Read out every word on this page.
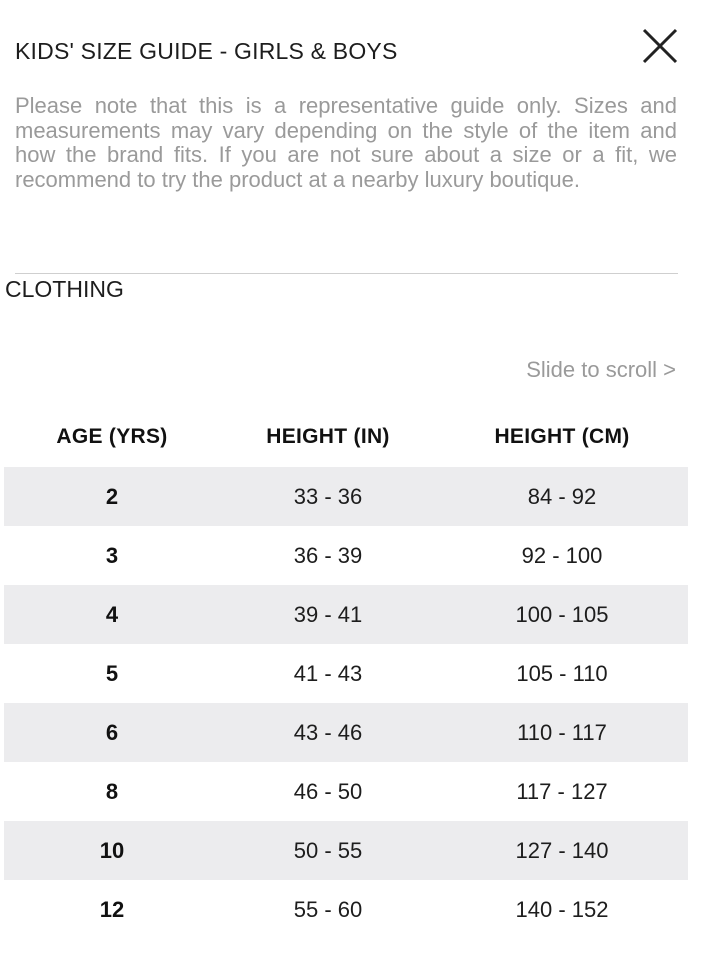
KIDS' SIZE GUIDE - GIRLS & BOYS
Please note that this is a representative guide only. Sizes and measurements may vary depending on the style of the item and how the brand fits. If you are not sure about a size or a fit, we recommend to try the product at a nearby luxury boutique.
CLOTHING
Slide to scroll >
AGE (YRS)	HEIGHT (IN)	HEIGHT (CM)
2	33 - 36	84 - 92
3	36 - 39	92 - 100
4	39 - 41	100 - 105
5	41 - 43	105 - 110
6	43 - 46	110 - 117
8	46 - 50	117 - 127
10	50 - 55	127 - 140
12	55 - 60	140 - 152
